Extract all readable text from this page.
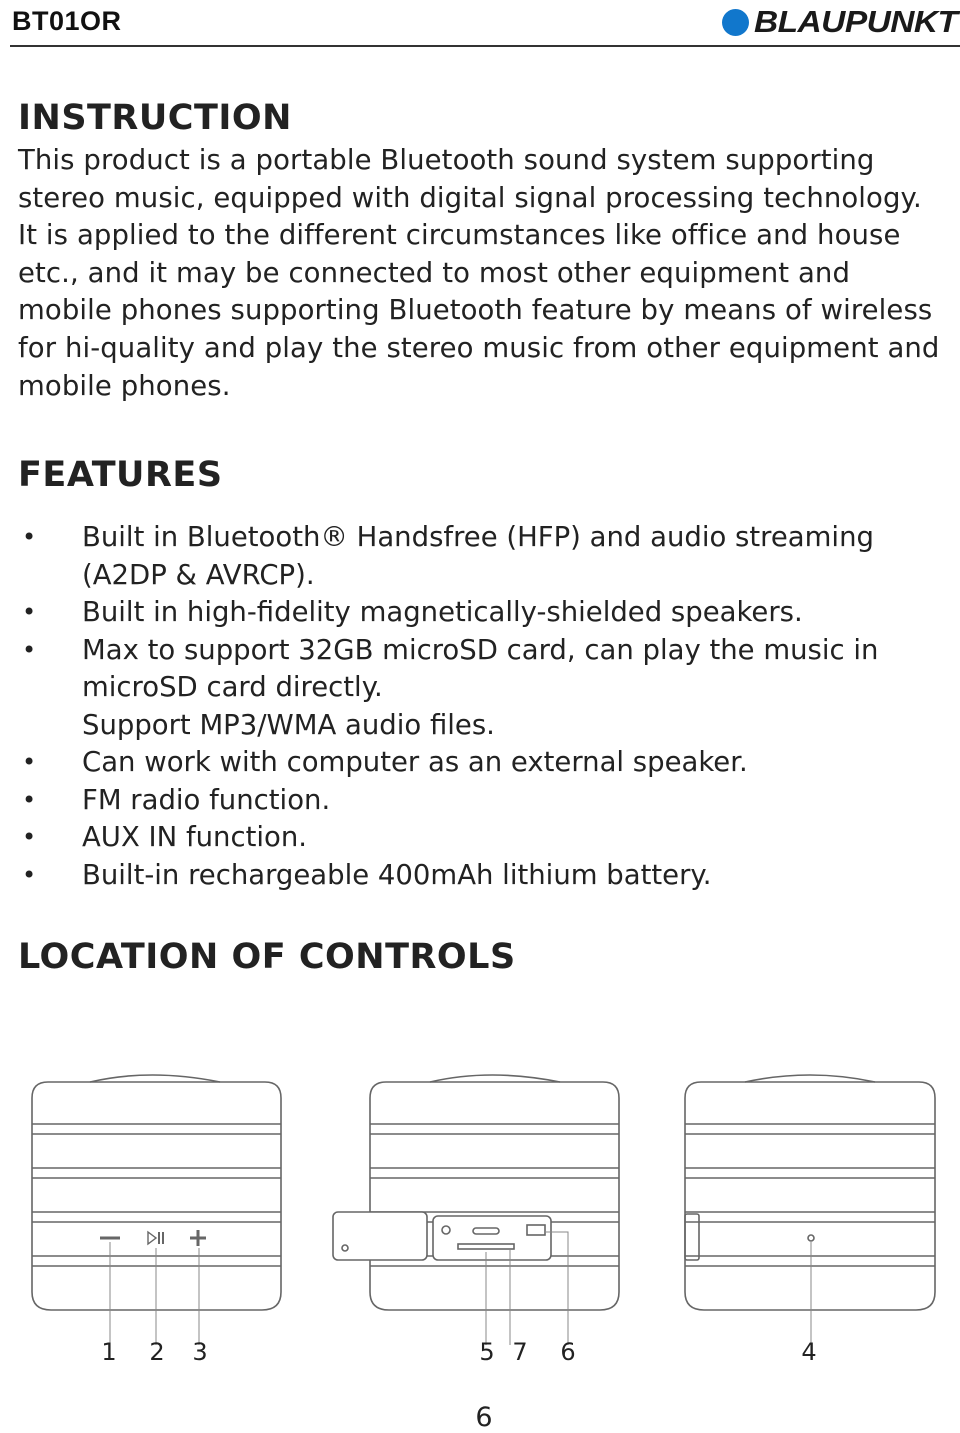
BT01OR	BLAUPUNKT
INSTRUCTION

This product is a portable Bluetooth sound system supporting stereo music, equipped with digital signal processing technology. It is applied to the different circumstances like office and house etc., and it may be connected to most other equipment and mobile phones supporting Bluetooth feature by means of wireless for hi-quality and play the stereo music from other equipment and mobile phones.

FEATURES
• Built in Bluetooth® Handsfree (HFP) and audio streaming (A2DP & AVRCP).
• Built in high-fidelity magnetically-shielded speakers.
• Max to support 32GB microSD card, can play the music in microSD card directly.
Support MP3/WMA audio files.
• Can work with computer as an external speaker.
• FM radio function.
• AUX IN function.
• Built-in rechargeable 400mAh lithium battery.
LOCATION OF CONTROLS
1 2 3	5 7 6	4

6
